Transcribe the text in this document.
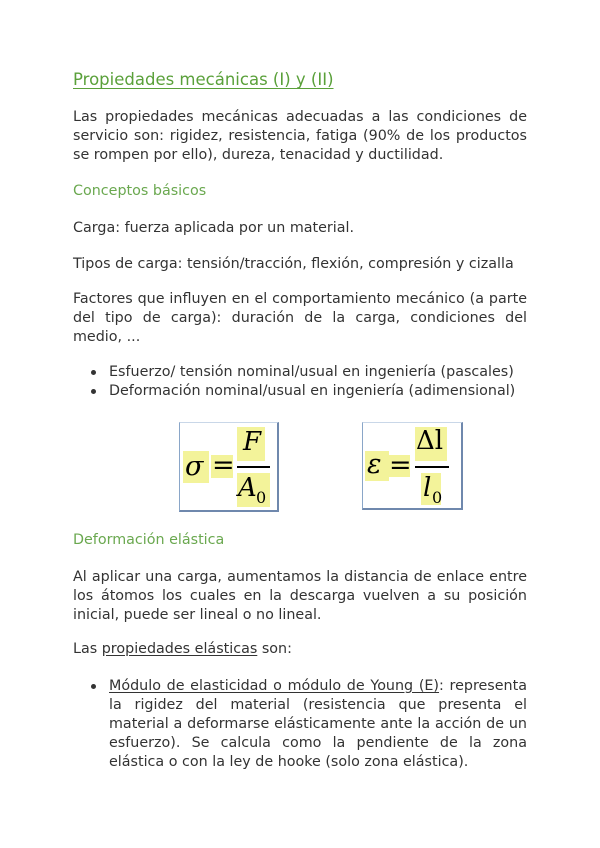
Propiedades mecánicas (I) y (II)
Las propiedades mecánicas adecuadas a las condiciones de servicio son: rigidez, resistencia, fatiga (90% de los productos se rompen por ello), dureza, tenacidad y ductilidad.
Conceptos básicos
Carga: fuerza aplicada por un material.
Tipos de carga: tensión/tracción, flexión, compresión y cizalla
Factores que influyen en el comportamiento mecánico (a parte del tipo de carga): duración de la carga, condiciones del medio, ...
Esfuerzo/ tensión nominal/usual en ingeniería (pascales)
Deformación nominal/usual en ingeniería (adimensional)
σ =
F
A 0
ε =
Δl
l 0
Deformación elástica
Al aplicar una carga, aumentamos la distancia de enlace entre los átomos los cuales en la descarga vuelven a su posición inicial, puede ser lineal o no lineal.
Las propiedades elásticas son:
Módulo de elasticidad o módulo de Young (E): representa la rigidez del material (resistencia que presenta el material a deformarse elásticamente ante la acción de un esfuerzo). Se calcula como la pendiente de la zona elástica o con la ley de hooke (solo zona elástica).
